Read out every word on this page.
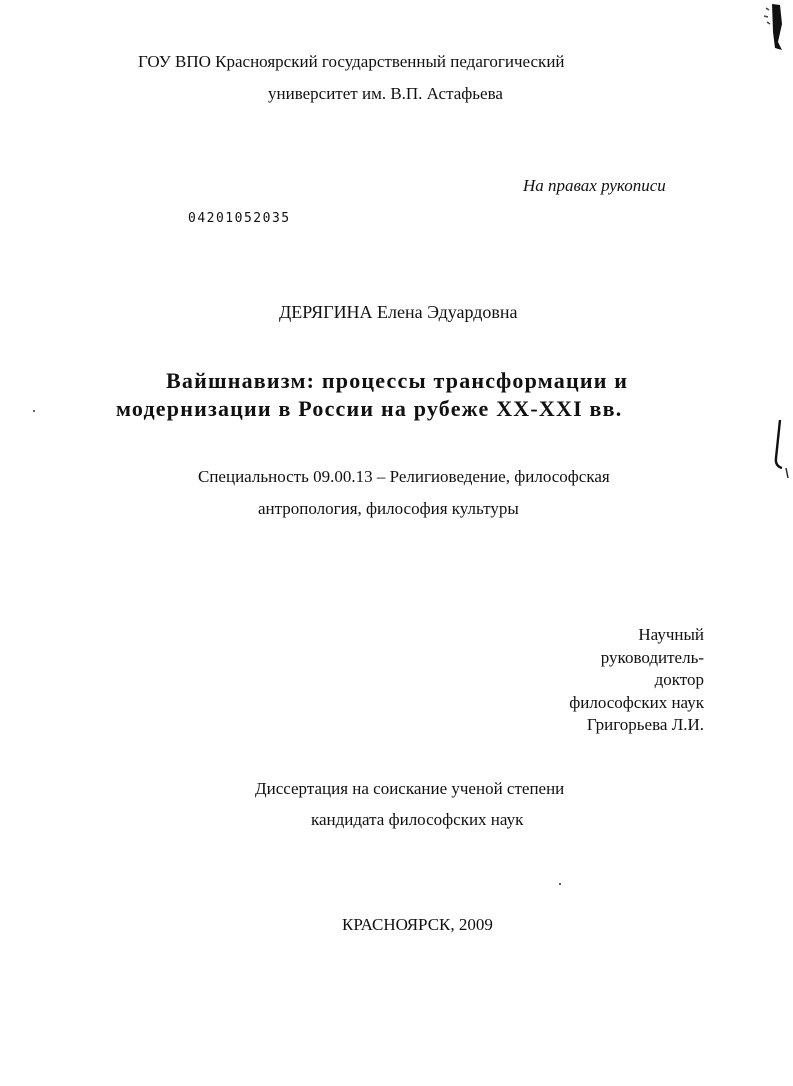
ГОУ ВПО Красноярский государственный педагогический
университет им. В.П. Астафьева
На правах рукописи
04201052035
ДЕРЯГИНА Елена Эдуардовна
Вайшнавизм: процессы трансформации и
модернизации в России на рубеже XX-XXI вв.
Специальность 09.00.13 – Религиоведение, философская
антропология, философия культуры
Научный
руководитель-
доктор
философских наук
Григорьева Л.И.
Диссертация на соискание ученой степени
кандидата философских наук
КРАСНОЯРСК, 2009
